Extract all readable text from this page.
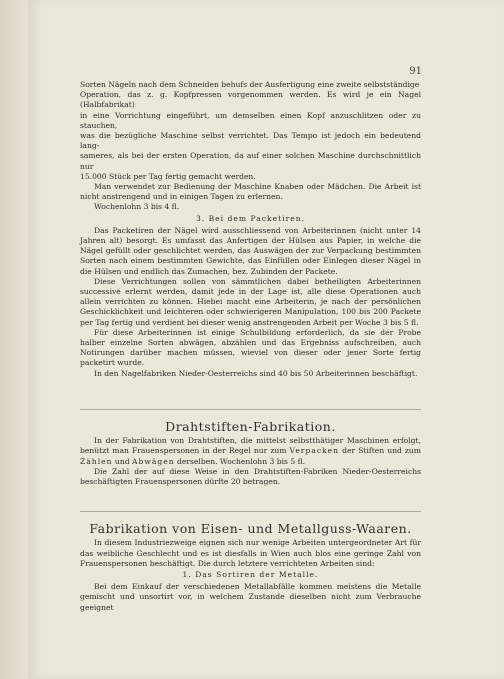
91

Sorten Nägeln nach dem Schneiden behufs der Ausfertigung eine zweite selbstständige

Operation, das z. g. Kopfpressen vorgenommen werden. Es wird je ein Nagel (Halbfabrikat)

in eine Vorrichtung eingeführt, um demselben einen Kopf anzuschlitzen oder zu stauchen,

was die bezügliche Maschine selbst verrichtet. Das Tempo ist jedoch ein bedeutend lang-

sameres, als bei der ersten Operation, da auf einer solchen Maschine durchschnittlich nur

15.000 Stück per Tag fertig gemacht werden.

Man verwendet zur Bedienung der Maschine Knaben oder Mädchen. Die Arbeit ist nicht anstrengend und in einigen Tagen zu erlernen.

Wochenlohn 3 bis 4 fl.

3. Bei dem Packetiren.

Das Packetiren der Nägel wird ausschliessend von Arbeiterinnen (nicht unter 14 Jahren alt) besorgt. Es umfasst das Anfertigen der Hülsen aus Papier, in welche die Nägel gefüllt oder geschlichtet werden, das Auswägen der zur Verpackung bestimmten Sorten nach einem bestimmten Gewichte, das Einfüllen oder Einlegen dieser Nägel in die Hülsen und endlich das Zumachen, bez. Zubinden der Packete.

Diese Verrichtungen sollen von sämmtlichen dabei betheiligten Arbeiterinnen successive erlernt werden, damit jede in der Lage ist, alle diese Operationen auch allein verrichten zu können. Hiebei macht eine Arbeiterin, je nach der persönlichen Geschicklichkeit und leichteren oder schwierigeren Manipulation, 100 bis 200 Packete per Tag fertig und verdient bei dieser wenig anstrengenden Arbeit per Woche 3 bis 5 fl.

Für diese Arbeiterinnen ist einige Schulbildung erforderlich, da sie der Probe halber einzelne Sorten abwägen, abzählen und das Ergebniss aufschreiben, auch Notirungen darüber machen müssen, wieviel von dieser oder jener Sorte fertig packetirt wurde.

In den Nagelfabriken Nieder-Oesterreichs sind 40 bis 50 Arbeiterinnen beschäftigt.

Drahtstiften-Fabrikation.

In der Fabrikation von Drahtstiften, die mittelst selbstthätiger Maschinen erfolgt, benützt man Frauenspersonen in der Regel nur zum Verpacken der Stiften und zum Zählen und Abwägen derselben. Wochenlohn 3 bis 5 fl.

Die Zahl der auf diese Weise in den Drahtstiften-Fabriken Nieder-Oesterreichs beschäftigten Frauenspersonen dürfte 20 betragen.

Fabrikation von Eisen- und Metallguss-Waaren.

In diesem Industriezweige eignen sich nur wenige Arbeiten untergeordneter Art für das weibliche Geschlecht und es ist diesfalls in Wien auch blos eine geringe Zahl von Frauenspersonen beschäftigt. Die durch letztere verrichteten Arbeiten sind:

1. Das Sortiren der Metalle.

Bei dem Einkauf der verschiedenen Metallabfälle kommen meistens die Metalle gemischt und unsortirt vor, in welchem Zustande dieselben nicht zum Verbrauche geeignet
